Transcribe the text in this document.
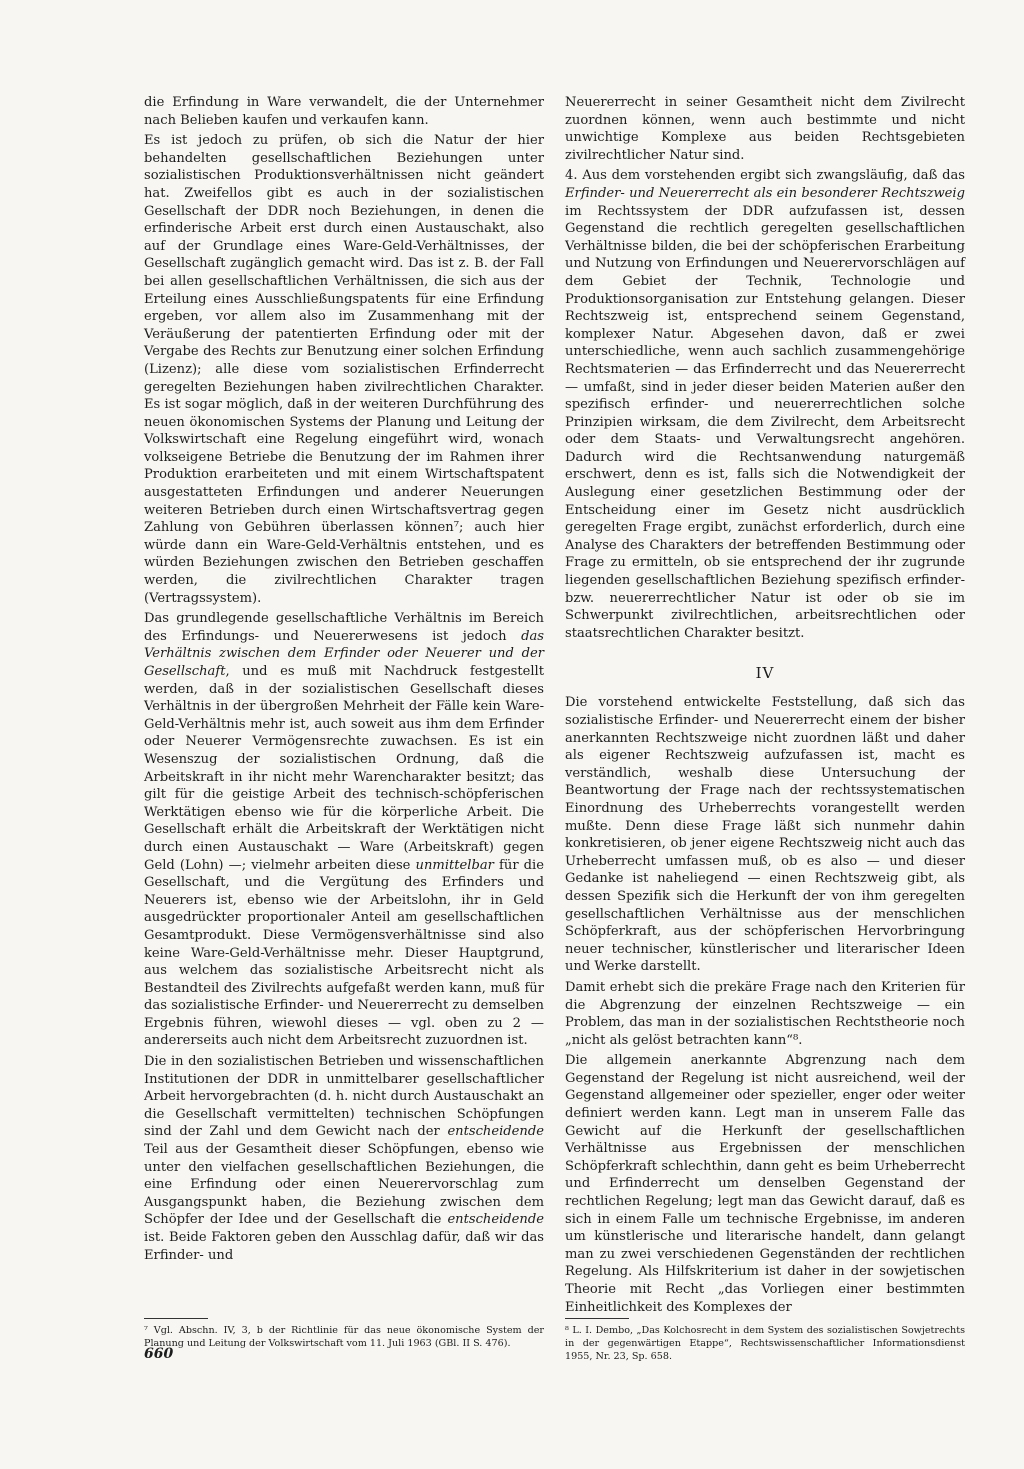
die Erfindung in Ware verwandelt, die der Unternehmer nach Belieben kaufen und verkaufen kann.

Es ist jedoch zu prüfen, ob sich die Natur der hier behandelten gesellschaftlichen Beziehungen unter sozialistischen Produktionsverhältnissen nicht geändert hat. Zweifellos gibt es auch in der sozialistischen Gesellschaft der DDR noch Beziehungen, in denen die erfinderische Arbeit erst durch einen Austauschakt, also auf der Grundlage eines Ware-Geld-Verhältnisses, der Gesellschaft zugänglich gemacht wird. Das ist z. B. der Fall bei allen gesellschaftlichen Verhältnissen, die sich aus der Erteilung eines Ausschließungspatents für eine Erfindung ergeben, vor allem also im Zusammenhang mit der Veräußerung der patentierten Erfindung oder mit der Vergabe des Rechts zur Benutzung einer solchen Erfindung (Lizenz); alle diese vom sozialistischen Erfinderrecht geregelten Beziehungen haben zivilrechtlichen Charakter. Es ist sogar möglich, daß in der weiteren Durchführung des neuen ökonomischen Systems der Planung und Leitung der Volkswirtschaft eine Regelung eingeführt wird, wonach volkseigene Betriebe die Benutzung der im Rahmen ihrer Produktion erarbeiteten und mit einem Wirtschaftspatent ausgestatteten Erfindungen und anderer Neuerungen weiteren Betrieben durch einen Wirtschaftsvertrag gegen Zahlung von Gebühren überlassen können⁷; auch hier würde dann ein Ware-Geld-Verhältnis entstehen, und es würden Beziehungen zwischen den Betrieben geschaffen werden, die zivilrechtlichen Charakter tragen (Vertragssystem).

Das grundlegende gesellschaftliche Verhältnis im Bereich des Erfindungs- und Neuererwesens ist jedoch das Verhältnis zwischen dem Erfinder oder Neuerer und der Gesellschaft, und es muß mit Nachdruck festgestellt werden, daß in der sozialistischen Gesellschaft dieses Verhältnis in der übergroßen Mehrheit der Fälle kein Ware-Geld-Verhältnis mehr ist, auch soweit aus ihm dem Erfinder oder Neuerer Vermögensrechte zuwachsen. Es ist ein Wesenszug der sozialistischen Ordnung, daß die Arbeitskraft in ihr nicht mehr Warencharakter besitzt; das gilt für die geistige Arbeit des technisch-schöpferischen Werktätigen ebenso wie für die körperliche Arbeit. Die Gesellschaft erhält die Arbeitskraft der Werktätigen nicht durch einen Austauschakt — Ware (Arbeitskraft) gegen Geld (Lohn) —; vielmehr arbeiten diese unmittelbar für die Gesellschaft, und die Vergütung des Erfinders und Neuerers ist, ebenso wie der Arbeitslohn, ihr in Geld ausgedrückter proportionaler Anteil am gesellschaftlichen Gesamtprodukt. Diese Vermögensverhältnisse sind also keine Ware-Geld-Verhältnisse mehr. Dieser Hauptgrund, aus welchem das sozialistische Arbeitsrecht nicht als Bestandteil des Zivilrechts aufgefaßt werden kann, muß für das sozialistische Erfinder- und Neuererrecht zu demselben Ergebnis führen, wiewohl dieses — vgl. oben zu 2 — andererseits auch nicht dem Arbeitsrecht zuzuordnen ist.

Die in den sozialistischen Betrieben und wissenschaftlichen Institutionen der DDR in unmittelbarer gesellschaftlicher Arbeit hervorgebrachten (d. h. nicht durch Austauschakt an die Gesellschaft vermittelten) technischen Schöpfungen sind der Zahl und dem Gewicht nach der entscheidende Teil aus der Gesamtheit dieser Schöpfungen, ebenso wie unter den vielfachen gesellschaftlichen Beziehungen, die eine Erfindung oder einen Neuerervorschlag zum Ausgangspunkt haben, die Beziehung zwischen dem Schöpfer der Idee und der Gesellschaft die entscheidende ist. Beide Faktoren geben den Ausschlag dafür, daß wir das Erfinder- und

Neuererrecht in seiner Gesamtheit nicht dem Zivilrecht zuordnen können, wenn auch bestimmte und nicht unwichtige Komplexe aus beiden Rechtsgebieten zivilrechtlicher Natur sind.

4. Aus dem vorstehenden ergibt sich zwangsläufig, daß das Erfinder- und Neuererrecht als ein besonderer Rechtszweig im Rechtssystem der DDR aufzufassen ist, dessen Gegenstand die rechtlich geregelten gesellschaftlichen Verhältnisse bilden, die bei der schöpferischen Erarbeitung und Nutzung von Erfindungen und Neuerervorschlägen auf dem Gebiet der Technik, Technologie und Produktionsorganisation zur Entstehung gelangen. Dieser Rechtszweig ist, entsprechend seinem Gegenstand, komplexer Natur. Abgesehen davon, daß er zwei unterschiedliche, wenn auch sachlich zusammengehörige Rechtsmaterien — das Erfinderrecht und das Neuererrecht — umfaßt, sind in jeder dieser beiden Materien außer den spezifisch erfinder- und neuererrechtlichen solche Prinzipien wirksam, die dem Zivilrecht, dem Arbeitsrecht oder dem Staats- und Verwaltungsrecht angehören. Dadurch wird die Rechtsanwendung naturgemäß erschwert, denn es ist, falls sich die Notwendigkeit der Auslegung einer gesetzlichen Bestimmung oder der Entscheidung einer im Gesetz nicht ausdrücklich geregelten Frage ergibt, zunächst erforderlich, durch eine Analyse des Charakters der betreffenden Bestimmung oder Frage zu ermitteln, ob sie entsprechend der ihr zugrunde liegenden gesellschaftlichen Beziehung spezifisch erfinder- bzw. neuererrechtlicher Natur ist oder ob sie im Schwerpunkt zivilrechtlichen, arbeitsrechtlichen oder staatsrechtlichen Charakter besitzt.

IV

Die vorstehend entwickelte Feststellung, daß sich das sozialistische Erfinder- und Neuererrecht einem der bisher anerkannten Rechtszweige nicht zuordnen läßt und daher als eigener Rechtszweig aufzufassen ist, macht es verständlich, weshalb diese Untersuchung der Beantwortung der Frage nach der rechtssystematischen Einordnung des Urheberrechts vorangestellt werden mußte. Denn diese Frage läßt sich nunmehr dahin konkretisieren, ob jener eigene Rechtszweig nicht auch das Urheberrecht umfassen muß, ob es also — und dieser Gedanke ist naheliegend — einen Rechtszweig gibt, als dessen Spezifik sich die Herkunft der von ihm geregelten gesellschaftlichen Verhältnisse aus der menschlichen Schöpferkraft, aus der schöpferischen Hervorbringung neuer technischer, künstlerischer und literarischer Ideen und Werke darstellt.

Damit erhebt sich die prekäre Frage nach den Kriterien für die Abgrenzung der einzelnen Rechtszweige — ein Problem, das man in der sozialistischen Rechtstheorie noch „nicht als gelöst betrachten kann“⁸.

Die allgemein anerkannte Abgrenzung nach dem Gegenstand der Regelung ist nicht ausreichend, weil der Gegenstand allgemeiner oder spezieller, enger oder weiter definiert werden kann. Legt man in unserem Falle das Gewicht auf die Herkunft der gesellschaftlichen Verhältnisse aus Ergebnissen der menschlichen Schöpferkraft schlechthin, dann geht es beim Urheberrecht und Erfinderrecht um denselben Gegenstand der rechtlichen Regelung; legt man das Gewicht darauf, daß es sich in einem Falle um technische Ergebnisse, im anderen um künstlerische und literarische handelt, dann gelangt man zu zwei verschiedenen Gegenständen der rechtlichen Regelung. Als Hilfskriterium ist daher in der sowjetischen Theorie mit Recht „das Vorliegen einer bestimmten Einheitlichkeit des Komplexes der

⁷ Vgl. Abschn. IV, 3, b der Richtlinie für das neue ökonomische System der Planung und Leitung der Volkswirtschaft vom 11. Juli 1963 (GBl. II S. 476).

⁸ L. I. Dembo, „Das Kolchosrecht in dem System des sozialistischen Sowjetrechts in der gegenwärtigen Etappe“, Rechtswissenschaftlicher Informationsdienst 1955, Nr. 23, Sp. 658.

660
